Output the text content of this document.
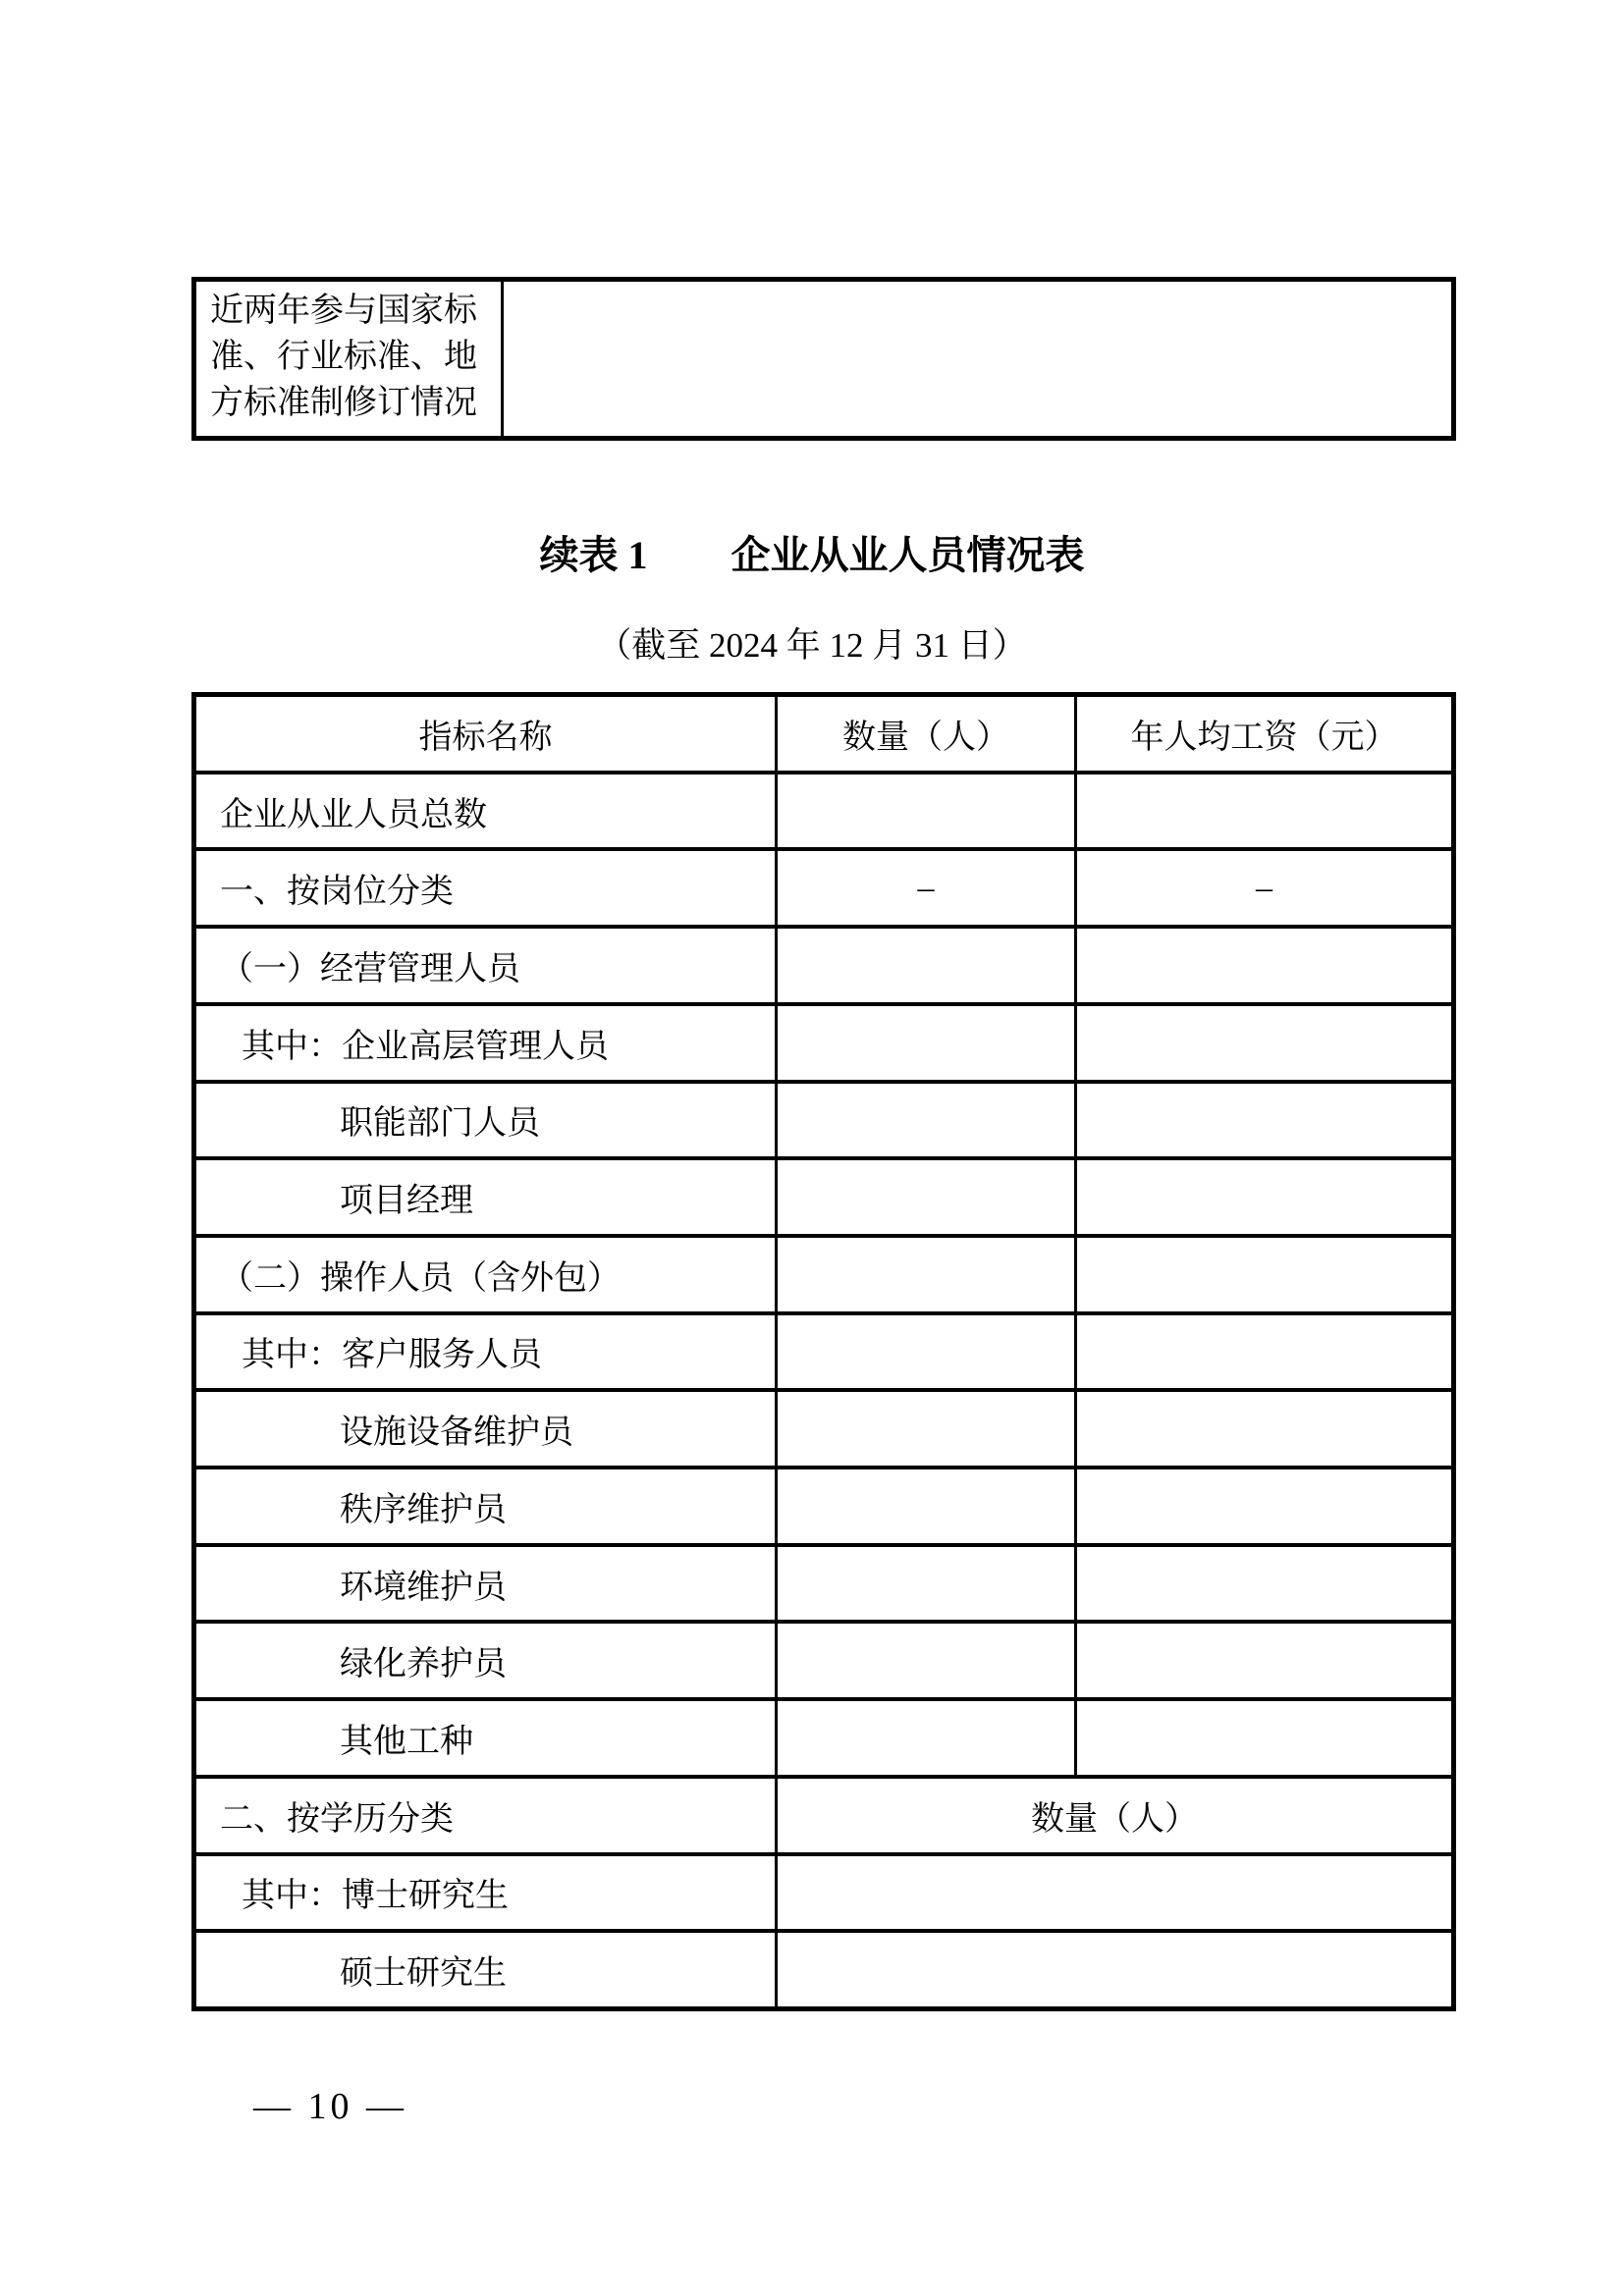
近两年参与国家标准、行业标准、地方标准制修订情况
续表 1 企业从业人员情况表
（截至 2024 年 12 月 31 日）
指标名称	数量（人）	年人均工资（元）
企业从业人员总数
一、按岗位分类	–	–
（一）经营管理人员
其中：企业高层管理人员
职能部门人员
项目经理
（二）操作人员（含外包）
其中：客户服务人员
设施设备维护员
秩序维护员
环境维护员
绿化养护员
其他工种
二、按学历分类	数量（人）
其中：博士研究生
硕士研究生
— 10 —
